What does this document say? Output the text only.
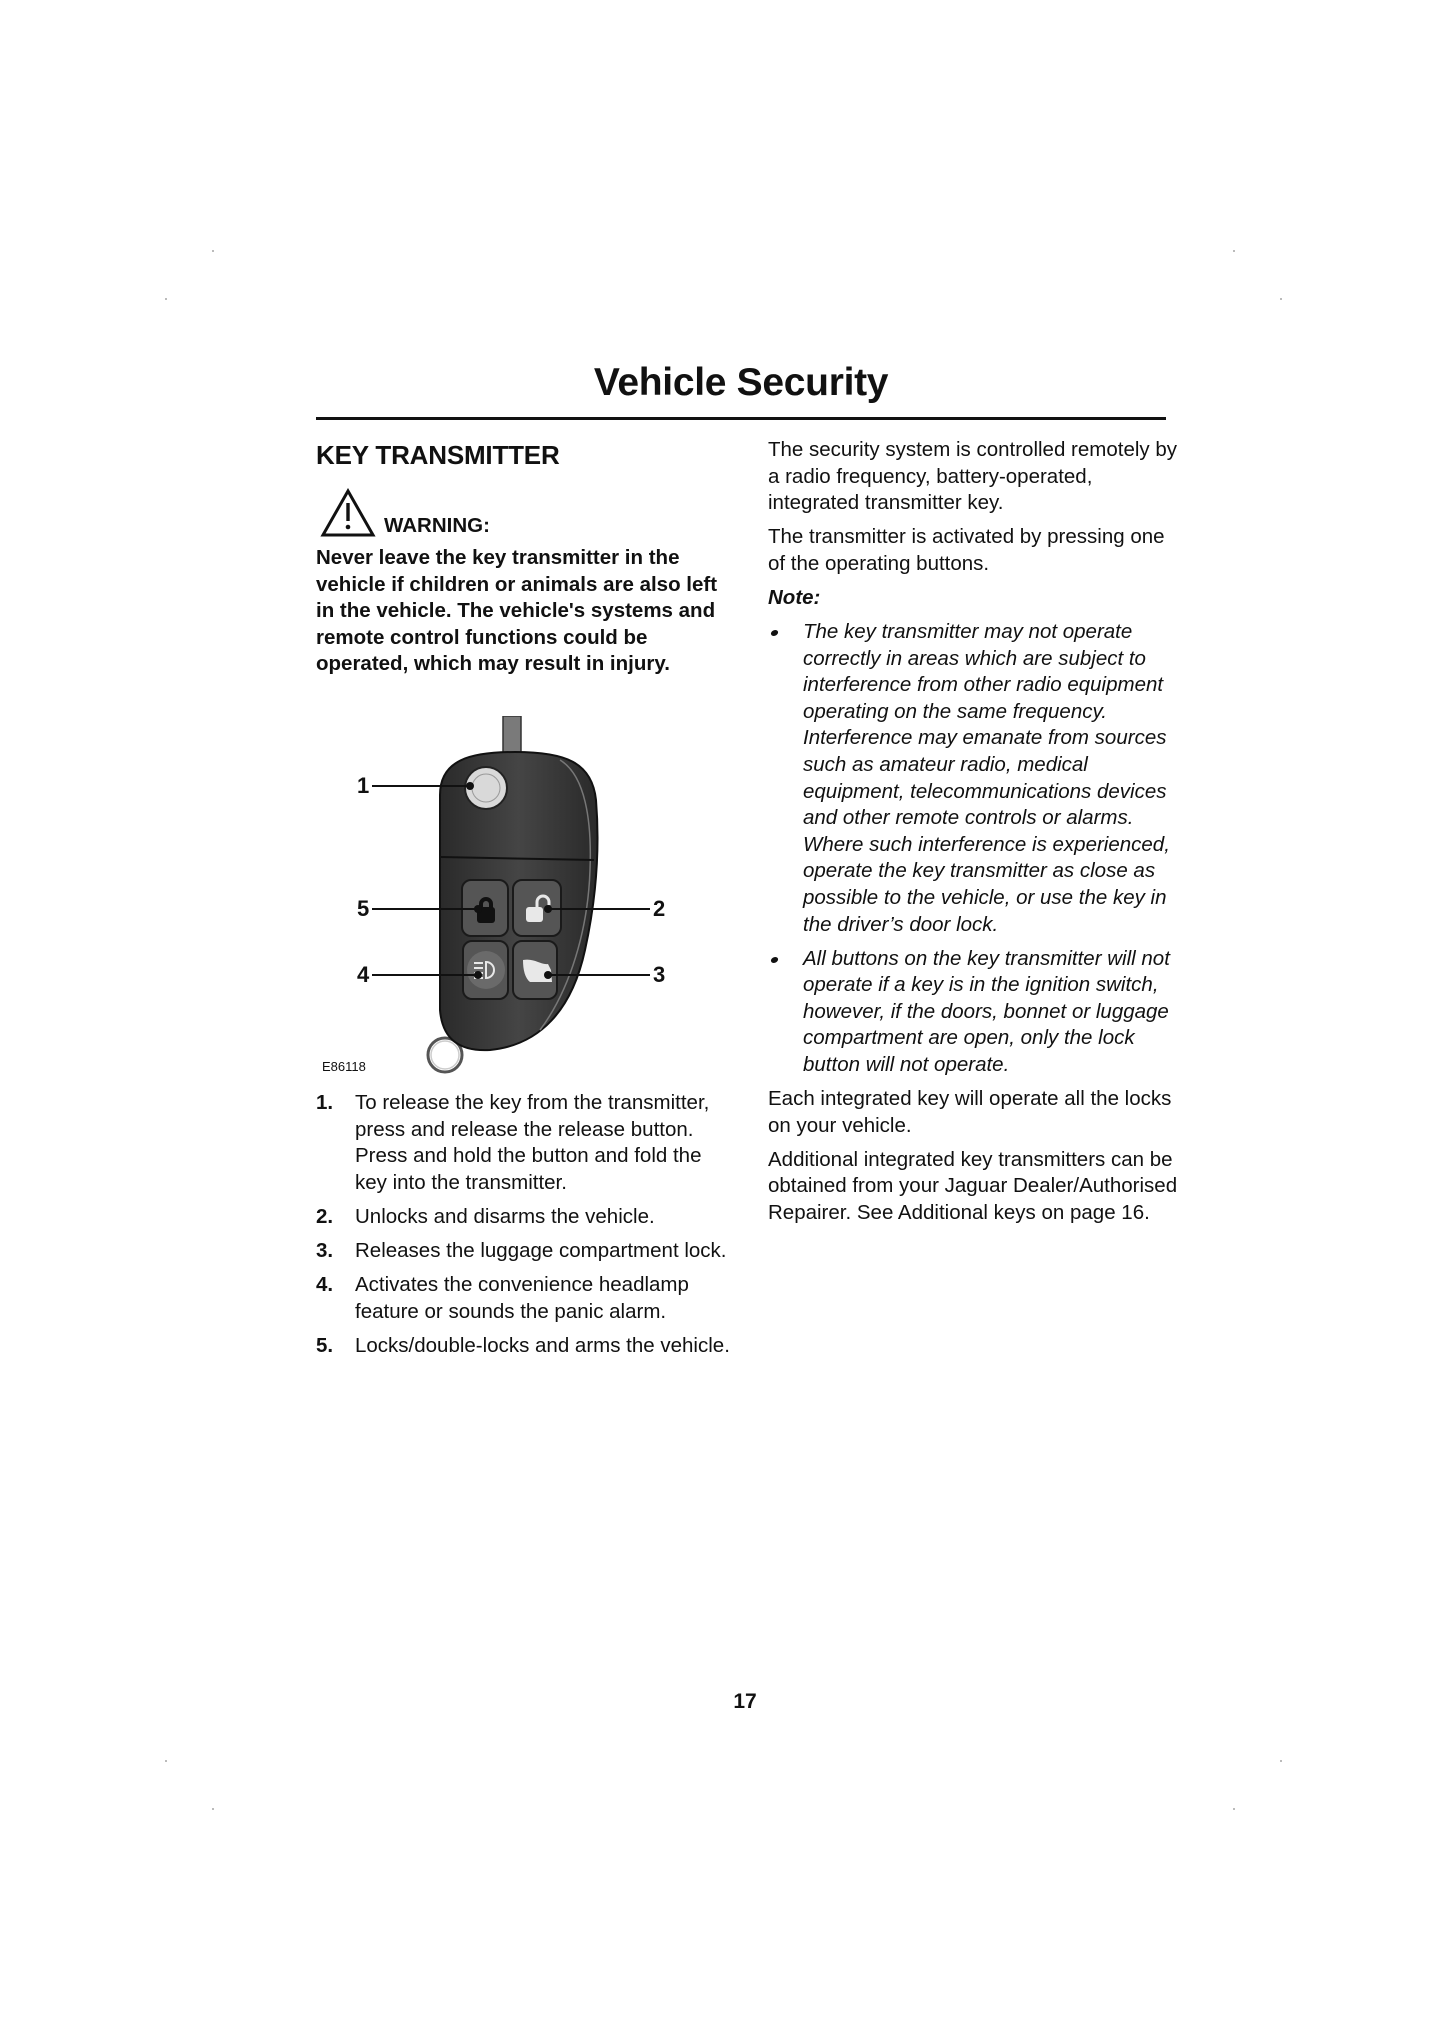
Vehicle Security
KEY TRANSMITTER
WARNING:
Never leave the key transmitter in the vehicle if children or animals are also left in the vehicle. The vehicle's systems and remote control functions could be operated, which may result in injury.
1
2
3
4
5
E86118
1. To release the key from the transmitter, press and release the release button. Press and hold the button and fold the key into the transmitter.
2. Unlocks and disarms the vehicle.
3. Releases the luggage compartment lock.
4. Activates the convenience headlamp feature or sounds the panic alarm.
5. Locks/double-locks and arms the vehicle.

The security system is controlled remotely by a radio frequency, battery-operated, integrated transmitter key.

The transmitter is activated by pressing one of the operating buttons.

Note:

The key transmitter may not operate correctly in areas which are subject to interference from other radio equipment operating on the same frequency. Interference may emanate from sources such as amateur radio, medical equipment, telecommunications devices and other remote controls or alarms. Where such interference is experienced, operate the key transmitter as close as possible to the vehicle, or use the key in the driver’s door lock.
All buttons on the key transmitter will not operate if a key is in the ignition switch, however, if the doors, bonnet or luggage compartment are open, only the lock button will not operate.

Each integrated key will operate all the locks on your vehicle.

Additional integrated key transmitters can be obtained from your Jaguar Dealer/Authorised Repairer. See Additional keys on page 16.

17
